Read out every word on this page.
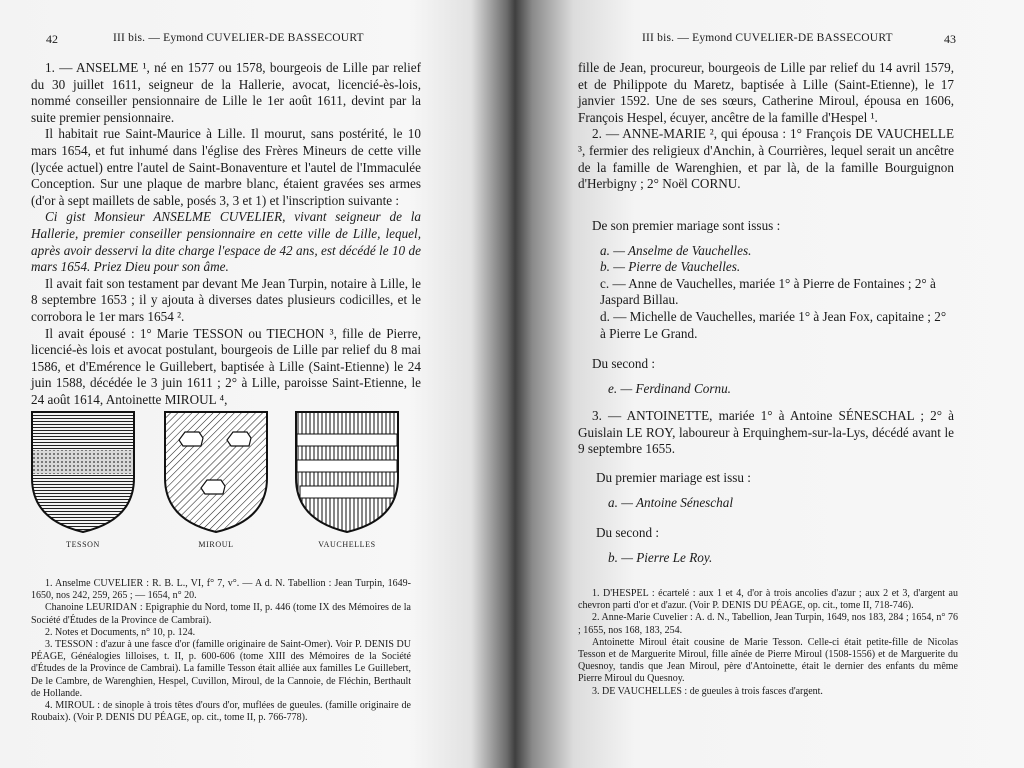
42	III bis. — Eymond CUVELIER-DE BASSECOURT

1. — ANSELME ¹, né en 1577 ou 1578, bourgeois de Lille par relief du 30 juillet 1611, seigneur de la Hallerie, avocat, licencié-ès-lois, nommé conseiller pensionnaire de Lille le 1er août 1611, devint par la suite premier pensionnaire.

Il habitait rue Saint-Maurice à Lille. Il mourut, sans postérité, le 10 mars 1654, et fut inhumé dans l'église des Frères Mineurs de cette ville (lycée actuel) entre l'autel de Saint-Bonaventure et l'autel de l'Immaculée Conception. Sur une plaque de marbre blanc, étaient gravées ses armes (d'or à sept maillets de sable, posés 3, 3 et 1) et l'inscription suivante :

Ci gist Monsieur ANSELME CUVELIER, vivant seigneur de la Hallerie, premier conseiller pensionnaire en cette ville de Lille, lequel, après avoir desservi la dite charge l'espace de 42 ans, est décédé le 10 de mars 1654. Priez Dieu pour son âme.

Il avait fait son testament par devant Me Jean Turpin, notaire à Lille, le 8 septembre 1653 ; il y ajouta à diverses dates plusieurs codicilles, et le corrobora le 1er mars 1654 ².

Il avait épousé : 1° Marie TESSON ou TIECHON ³, fille de Pierre, licencié-ès lois et avocat postulant, bourgeois de Lille par relief du 8 mai 1586, et d'Emérence le Guillebert, baptisée à Lille (Saint-Etienne) le 24 juin 1588, décédée le 3 juin 1611 ; 2° à Lille, paroisse Saint-Etienne, le 24 août 1614, Antoinette MIROUL ⁴,

TESSON	MIROUL	VAUCHELLES

1. Anselme CUVELIER : R. B. L., VI, f° 7, v°. — A d. N. Tabellion : Jean Turpin, 1649-1650, nos 242, 259, 265 ; — 1654, n° 20.

Chanoine LEURIDAN : Epigraphie du Nord, tome II, p. 446 (tome IX des Mémoires de la Société d'Études de la Province de Cambrai).

2. Notes et Documents, n° 10, p. 124.

3. TESSON : d'azur à une fasce d'or (famille originaire de Saint-Omer). Voir P. DENIS DU PÉAGE, Généalogies lilloises, t. II, p. 600-606 (tome XIII des Mémoires de la Société d'Études de la Province de Cambrai). La famille Tesson était alliée aux familles Le Guillebert, De le Cambre, de Warenghien, Hespel, Cuvillon, Miroul, de la Cannoie, de Fléchin, Berthault de Hollande.

4. MIROUL : de sinople à trois têtes d'ours d'or, muflées de gueules. (famille originaire de Roubaix). (Voir P. DENIS DU PÉAGE, op. cit., tome II, p. 766-778).

III bis. — Eymond CUVELIER-DE BASSECOURT	43

fille de Jean, procureur, bourgeois de Lille par relief du 14 avril 1579, et de Philippote du Maretz, baptisée à Lille (Saint-Etienne), le 17 janvier 1592. Une de ses sœurs, Catherine Miroul, épousa en 1606, François Hespel, écuyer, ancêtre de la famille d'Hespel ¹.

2. — ANNE-MARIE ², qui épousa : 1° François DE VAUCHELLE ³, fermier des religieux d'Anchin, à Courrières, lequel serait un ancêtre de la famille de Warenghien, et par là, de la famille Bourguignon d'Herbigny ; 2° Noël CORNU.

De son premier mariage sont issus :

a. — Anselme de Vauchelles.

b. — Pierre de Vauchelles.

c. — Anne de Vauchelles, mariée 1° à Pierre de Fontaines ; 2° à Jaspard Billau.

d. — Michelle de Vauchelles, mariée 1° à Jean Fox, capitaine ; 2° à Pierre Le Grand.

Du second :

e. — Ferdinand Cornu.

3. — ANTOINETTE, mariée 1° à Antoine SÉNESCHAL ; 2° à Guislain LE ROY, laboureur à Erquinghem-sur-la-Lys, décédé avant le 9 septembre 1655.

Du premier mariage est issu :

a. — Antoine Séneschal

Du second :

b. — Pierre Le Roy.

1. D'HESPEL : écartelé : aux 1 et 4, d'or à trois ancolies d'azur ; aux 2 et 3, d'argent au chevron parti d'or et d'azur. (Voir P. DENIS DU PÉAGE, op. cit., tome II, 718-746).

2. Anne-Marie Cuvelier : A. d. N., Tabellion, Jean Turpin, 1649, nos 183, 284 ; 1654, n° 76 ; 1655, nos 168, 183, 254.

Antoinette Miroul était cousine de Marie Tesson. Celle-ci était petite-fille de Nicolas Tesson et de Marguerite Miroul, fille aînée de Pierre Miroul (1508-1556) et de Marguerite du Quesnoy, tandis que Jean Miroul, père d'Antoinette, était le dernier des enfants du même Pierre Miroul du Quesnoy.

3. DE VAUCHELLES : de gueules à trois fasces d'argent.
